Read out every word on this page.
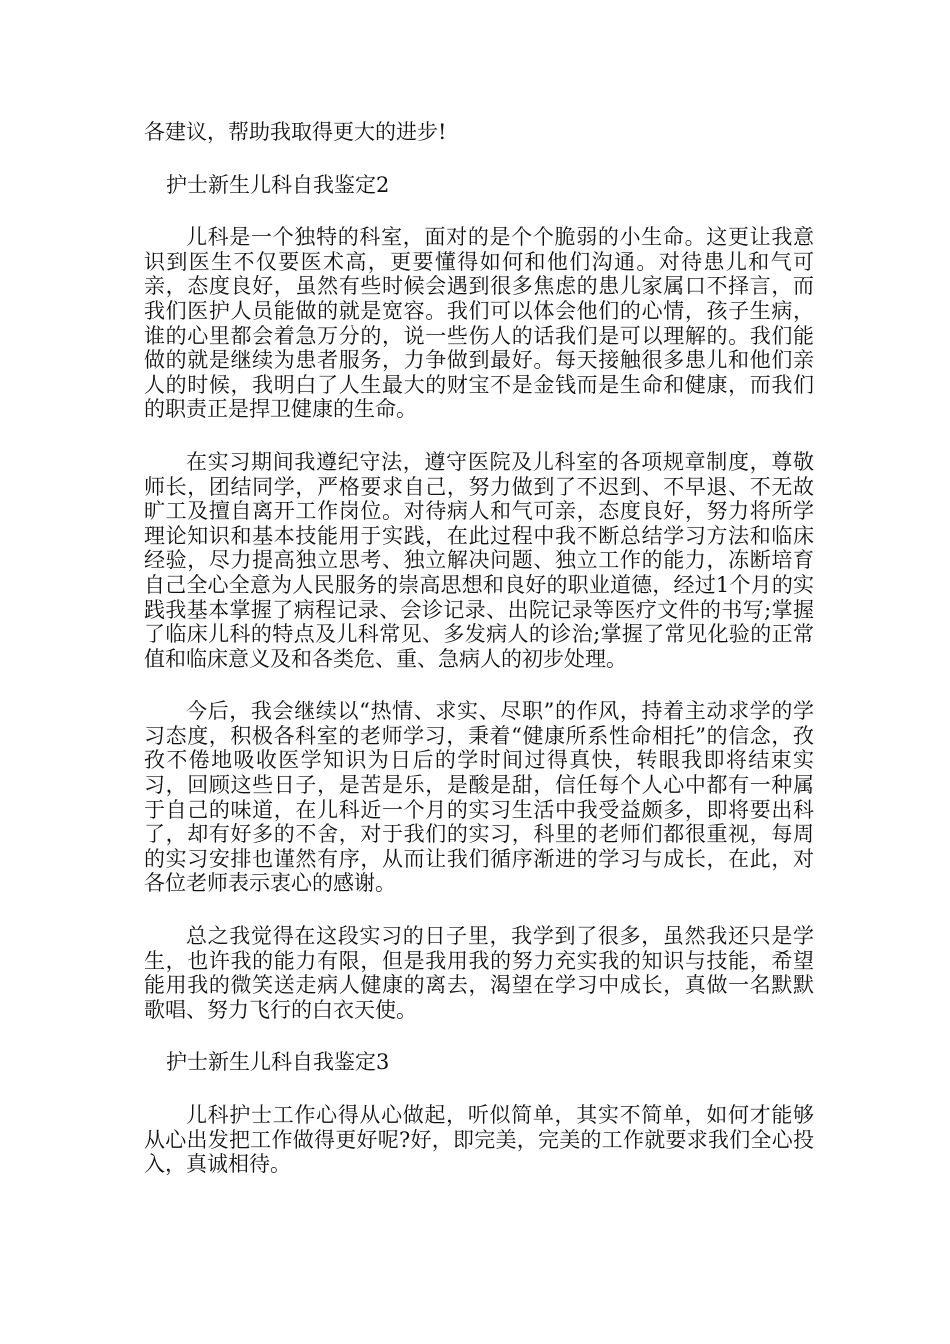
各建议，帮助我取得更大的进步!

护士新生儿科自我鉴定2

儿科是一个独特的科室，面对的是个个脆弱的小生命。这更让我意识到医生不仅要医术高，更要懂得如何和他们沟通。对待患儿和气可亲，态度良好，虽然有些时候会遇到很多焦虑的患儿家属口不择言，而我们医护人员能做的就是宽容。我们可以体会他们的心情，孩子生病，谁的心里都会着急万分的，说一些伤人的话我们是可以理解的。我们能做的就是继续为患者服务，力争做到最好。每天接触很多患儿和他们亲人的时候，我明白了人生最大的财宝不是金钱而是生命和健康，而我们的职责正是捍卫健康的生命。

在实习期间我遵纪守法，遵守医院及儿科室的各项规章制度，尊敬师长，团结同学，严格要求自己，努力做到了不迟到、不早退、不无故旷工及擅自离开工作岗位。对待病人和气可亲，态度良好，努力将所学理论知识和基本技能用于实践，在此过程中我不断总结学习方法和临床经验，尽力提高独立思考、独立解决问题、独立工作的能力，冻断培育自己全心全意为人民服务的崇高思想和良好的职业道德，经过1个月的实践我基本掌握了病程记录、会诊记录、出院记录等医疗文件的书写;掌握了临床儿科的特点及儿科常见、多发病人的诊治;掌握了常见化验的正常值和临床意义及和各类危、重、急病人的初步处理。

今后，我会继续以“热情、求实、尽职”的作风，持着主动求学的学习态度，积极各科室的老师学习，秉着“健康所系性命相托”的信念，孜孜不倦地吸收医学知识为日后的学时间过得真快，转眼我即将结束实习，回顾这些日子，是苦是乐，是酸是甜，信任每个人心中都有一种属于自己的味道，在儿科近一个月的实习生活中我受益颇多，即将要出科了，却有好多的不舍，对于我们的实习，科里的老师们都很重视，每周的实习安排也谨然有序，从而让我们循序渐进的学习与成长，在此，对各位老师表示衷心的感谢。

总之我觉得在这段实习的日子里，我学到了很多，虽然我还只是学生，也许我的能力有限，但是我用我的努力充实我的知识与技能，希望能用我的微笑送走病人健康的离去，渴望在学习中成长，真做一名默默歌唱、努力飞行的白衣天使。

护士新生儿科自我鉴定3

儿科护士工作心得从心做起，听似简单，其实不简单，如何才能够从心出发把工作做得更好呢?好，即完美，完美的工作就要求我们全心投入，真诚相待。
